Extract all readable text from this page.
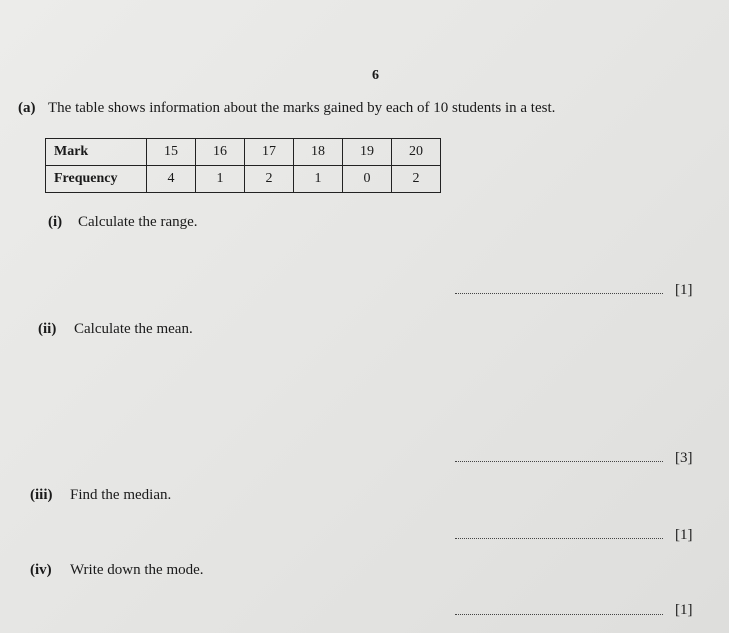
6
(a) The table shows information about the marks gained by each of 10 students in a test.
Mark	15	16	17	18	19	20
Frequency	4	1	2	1	0	2
(i) Calculate the range.
[1]
(ii) Calculate the mean.
[3]
(iii) Find the median.
[1]
(iv) Write down the mode.
[1]
